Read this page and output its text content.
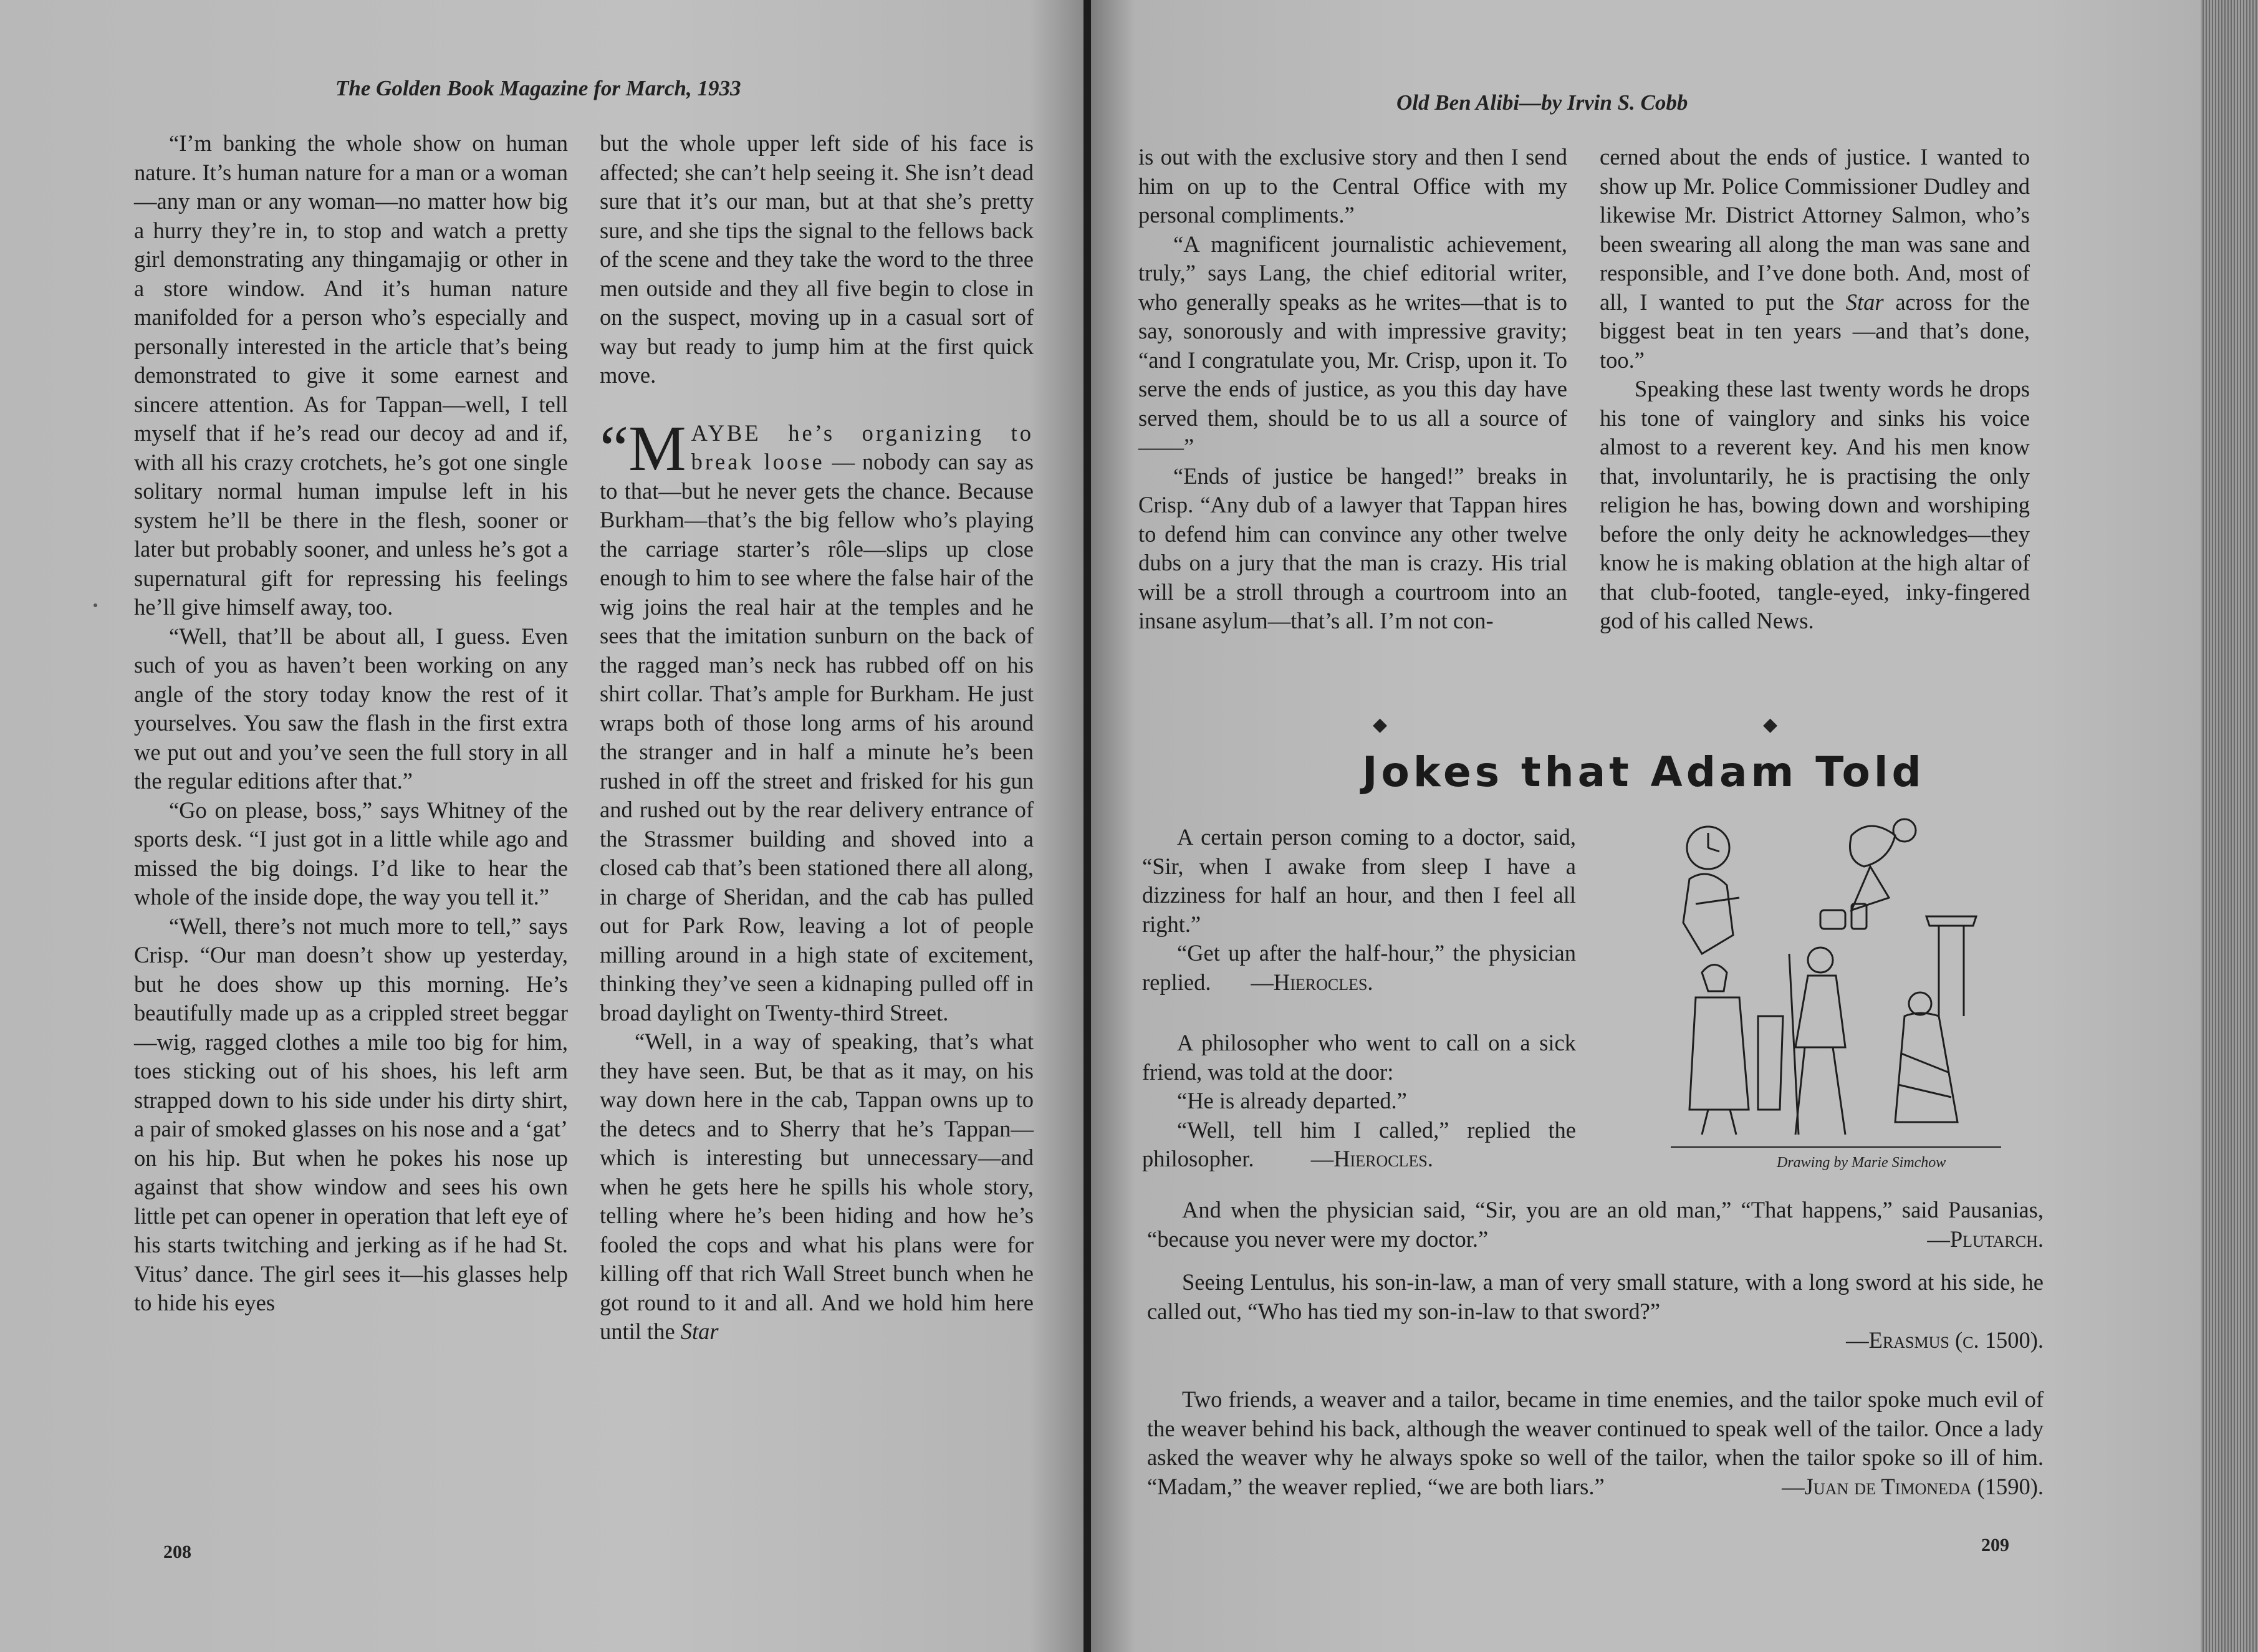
The Golden Book Magazine for March, 1933

“I’m banking the whole show on human nature. It’s human nature for a man or a woman—any man or any woman—no matter how big a hurry they’re in, to stop and watch a pretty girl demonstrating any thingamajig or other in a store window. And it’s human nature manifolded for a person who’s especially and personally interested in the article that’s being demonstrated to give it some earnest and sincere attention. As for Tappan—well, I tell myself that if he’s read our decoy ad and if, with all his crazy crotchets, he’s got one single solitary normal human impulse left in his system he’ll be there in the flesh, sooner or later but probably sooner, and unless he’s got a supernatural gift for repressing his feelings he’ll give himself away, too.

“Well, that’ll be about all, I guess. Even such of you as haven’t been working on any angle of the story today know the rest of it yourselves. You saw the flash in the first extra we put out and you’ve seen the full story in all the regular editions after that.”

“Go on please, boss,” says Whitney of the sports desk. “I just got in a little while ago and missed the big doings. I’d like to hear the whole of the inside dope, the way you tell it.”

“Well, there’s not much more to tell,” says Crisp. “Our man doesn’t show up yesterday, but he does show up this morning. He’s beautifully made up as a crippled street beggar—wig, ragged clothes a mile too big for him, toes sticking out of his shoes, his left arm strapped down to his side under his dirty shirt, a pair of smoked glasses on his nose and a ‘gat’ on his hip. But when he pokes his nose up against that show window and sees his own little pet can opener in operation that left eye of his starts twitching and jerking as if he had St. Vitus’ dance. The girl sees it—his glasses help to hide his eyes

but the whole upper left side of his face is affected; she can’t help seeing it. She isn’t dead sure that it’s our man, but at that she’s pretty sure, and she tips the signal to the fellows back of the scene and they take the word to the three men outside and they all five begin to close in on the suspect, moving up in a casual sort of way but ready to jump him at the first quick move.

“M AYBE he’s organizing to break loose — nobody can say as to that—but he never gets the chance. Because Burkham—that’s the big fellow who’s playing the carriage starter’s rôle—slips up close enough to him to see where the false hair of the wig joins the real hair at the temples and he sees that the imitation sunburn on the back of the ragged man’s neck has rubbed off on his shirt collar. That’s ample for Burkham. He just wraps both of those long arms of his around the stranger and in half a minute he’s been rushed in off the street and frisked for his gun and rushed out by the rear delivery entrance of the Strassmer building and shoved into a closed cab that’s been stationed there all along, in charge of Sheridan, and the cab has pulled out for Park Row, leaving a lot of people milling around in a high state of excitement, thinking they’ve seen a kidnaping pulled off in broad daylight on Twenty-third Street.

“Well, in a way of speaking, that’s what they have seen. But, be that as it may, on his way down here in the cab, Tappan owns up to the detecs and to Sherry that he’s Tappan—which is interesting but unnecessary—and when he gets here he spills his whole story, telling where he’s been hiding and how he’s fooled the cops and what his plans were for killing off that rich Wall Street bunch when he got round to it and all. And we hold him here until the Star

208
Old Ben Alibi—by Irvin S. Cobb

is out with the exclusive story and then I send him on up to the Central Office with my personal compliments.”

“A magnificent journalistic achievement, truly,” says Lang, the chief editorial writer, who generally speaks as he writes—that is to say, sonorously and with impressive gravity; “and I congratulate you, Mr. Crisp, upon it. To serve the ends of justice, as you this day have served them, should be to us all a source of——”

“Ends of justice be hanged!” breaks in Crisp. “Any dub of a lawyer that Tappan hires to defend him can convince any other twelve dubs on a jury that the man is crazy. His trial will be a stroll through a courtroom into an insane asylum—that’s all. I’m not con-

cerned about the ends of justice. I wanted to show up Mr. Police Commissioner Dudley and likewise Mr. District Attorney Salmon, who’s been swearing all along the man was sane and responsible, and I’ve done both. And, most of all, I wanted to put the Star across for the biggest beat in ten years —and that’s done, too.”

Speaking these last twenty words he drops his tone of vainglory and sinks his voice almost to a reverent key. And his men know that, involuntarily, he is practising the only religion he has, bowing down and worshiping before the only deity he acknowledges—they know he is making oblation at the high altar of that club-footed, tangle-eyed, inky-fingered god of his called News.

◆	◆
Jokes that Adam Told

A certain person coming to a doctor, said, “Sir, when I awake from sleep I have a dizziness for half an hour, and then I feel all right.”

“Get up after the half-hour,” the physician replied. —Hierocles.

A philosopher who went to call on a sick friend, was told at the door:

“He is already departed.”

“Well, tell him I called,” replied the philosopher.	—Hierocles.	Drawing by Marie Simchow

And when the physician said, “Sir, you are an old man,” “That happens,” said Pausanias, “because you never were my doctor.”	—Plutarch.

Seeing Lentulus, his son-in-law, a man of very small stature, with a long sword at his side, he called out, “Who has tied my son-in-law to that sword?”

—Erasmus (c. 1500).

Two friends, a weaver and a tailor, became in time enemies, and the tailor spoke much evil of the weaver behind his back, although the weaver continued to speak well of the tailor. Once a lady asked the weaver why he always spoke so well of the tailor, when the tailor spoke so ill of him. “Madam,” the weaver replied, “we are both liars.”	—Juan de Timoneda (1590).
209
